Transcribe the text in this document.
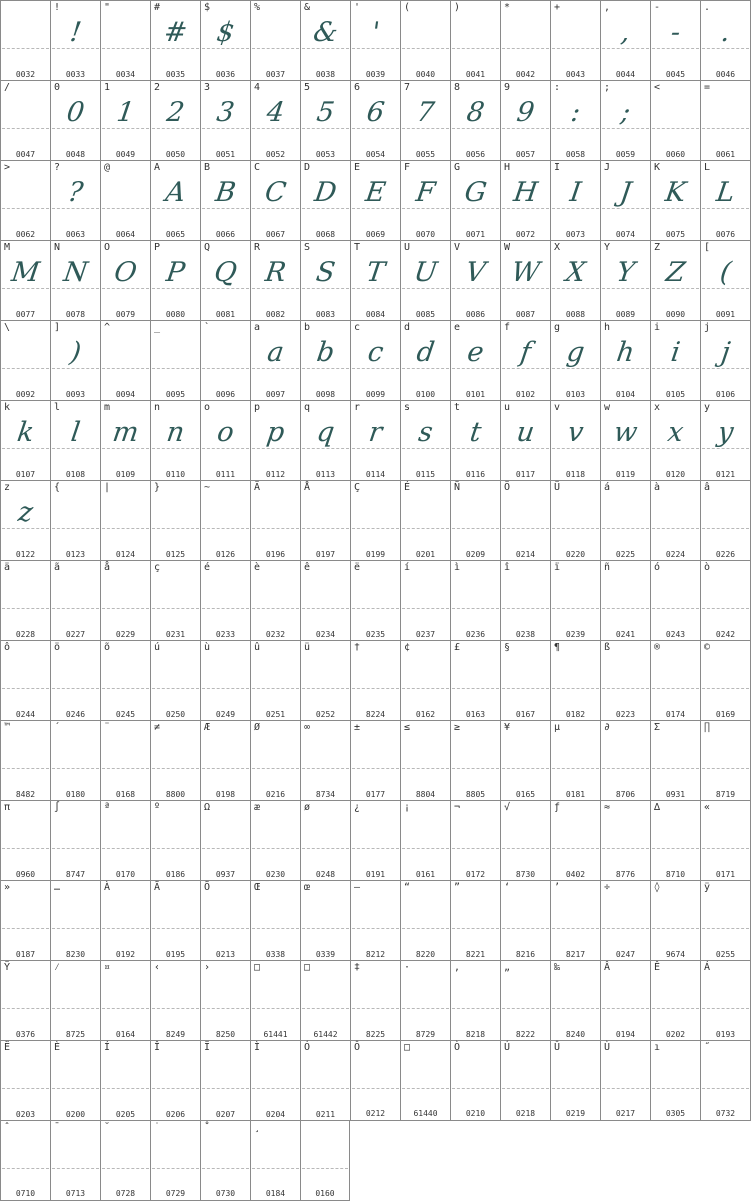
0032
!
!
0033
"
0034
#
#
0035
$
$
0036
%
0037
&
&
0038
'
'
0039
(
0040
)
0041
*
0042
+
0043
,
,
0044
-
-
0045
.
.
0046
/
0047
0
0
0048
1
1
0049
2
2
0050
3
3
0051
4
4
0052
5
5
0053
6
6
0054
7
7
0055
8
8
0056
9
9
0057
:
:
0058
;
;
0059
<
0060
=
0061
>
0062
?
?
0063
@
0064
A
A
0065
B
B
0066
C
C
0067
D
D
0068
E
E
0069
F
F
0070
G
G
0071
H
H
0072
I
I
0073
J
J
0074
K
K
0075
L
L
0076
M
M
0077
N
N
0078
O
O
0079
P
P
0080
Q
Q
0081
R
R
0082
S
S
0083
T
T
0084
U
U
0085
V
V
0086
W
W
0087
X
X
0088
Y
Y
0089
Z
Z
0090
[
(
0091
\
0092
]
)
0093
^
0094
_
0095
`
0096
a
a
0097
b
b
0098
c
c
0099
d
d
0100
e
e
0101
f
f
0102
g
g
0103
h
h
0104
i
i
0105
j
j
0106
k
k
0107
l
l
0108
m
m
0109
n
n
0110
o
o
0111
p
p
0112
q
q
0113
r
r
0114
s
s
0115
t
t
0116
u
u
0117
v
v
0118
w
w
0119
x
x
0120
y
y
0121
z
z
0122
{
0123
|
0124
}
0125
~
0126
Ä
0196
Å
0197
Ç
0199
É
0201
Ñ
0209
Ö
0214
Ü
0220
á
0225
à
0224
â
0226
ä
0228
ã
0227
å
0229
ç
0231
é
0233
è
0232
ê
0234
ë
0235
í
0237
ì
0236
î
0238
ï
0239
ñ
0241
ó
0243
ò
0242
ô
0244
ö
0246
õ
0245
ú
0250
ù
0249
û
0251
ü
0252
†
8224
¢
0162
£
0163
§
0167
¶
0182
ß
0223
®
0174
©
0169
™
8482
´
0180
¨
0168
≠
8800
Æ
0198
Ø
0216
∞
8734
±
0177
≤
8804
≥
8805
¥
0165
µ
0181
∂
8706
Σ
0931
∏
8719
π
0960
∫
8747
ª
0170
º
0186
Ω
0937
æ
0230
ø
0248
¿
0191
¡
0161
¬
0172
√
8730
ƒ
0402
≈
8776
∆
8710
«
0171
»
0187
…
8230
À
0192
Ã
0195
Õ
0213
Œ
0338
œ
0339
—
8212
“
8220
”
8221
‘
8216
’
8217
÷
0247
◊
9674
ÿ
0255
Ÿ
0376
⁄
8725
¤
0164
‹
8249
›
8250
□
61441
□
61442
‡
8225
·
8729
‚
8218
„
8222
‰
8240
Â
0194
Ê
0202
Á
0193
Ë
0203
È
0200
Í
0205
Î
0206
Ï
0207
Ì
0204
Ó
0211
Ô
0212
□
61440
Ò
0210
Ú
0218
Û
0219
Ù
0217
ı
0305
˝
0732
ˆ
0710
¯
0713
˘
0728
˙
0729
˚
0730
¸
0184	0160
